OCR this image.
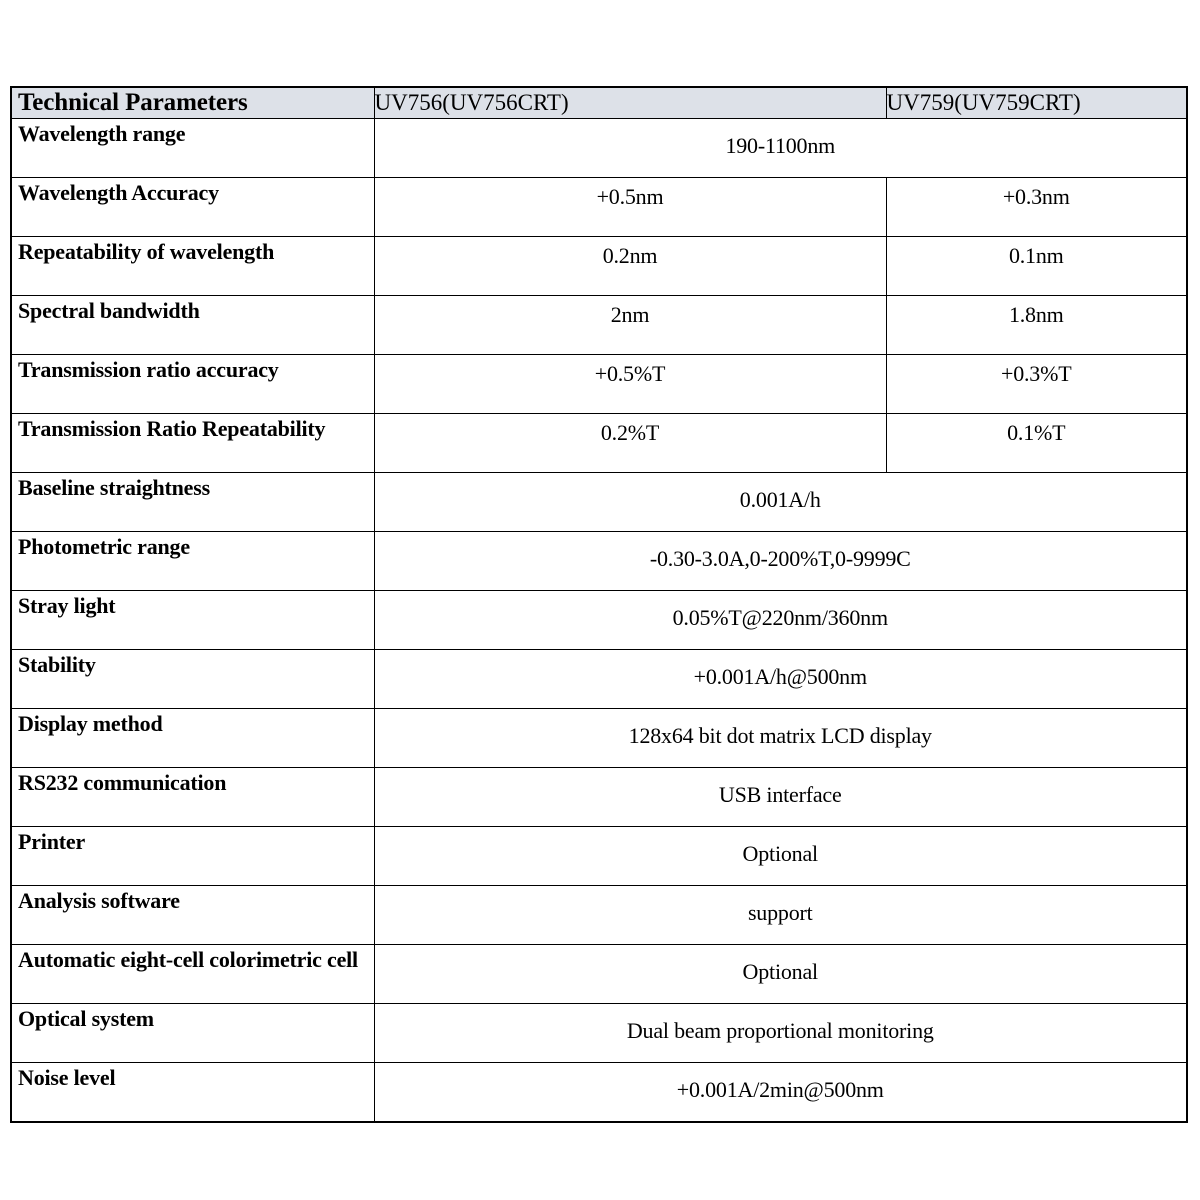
Technical Parameters	UV756(UV756CRT)	UV759(UV759CRT)

Wavelength range	190-1100nm	

Wavelength Accuracy	+0.5nm	+0.3nm

Repeatability of wavelength	0.2nm	0.1nm

Spectral bandwidth	2nm	1.8nm

Transmission ratio accuracy	+0.5%T	+0.3%T

Transmission Ratio Repeatability	0.2%T	0.1%T

Baseline straightness	0.001A/h	

Photometric range	-0.30-3.0A,0-200%T,0-9999C	

Stray light	0.05%T@220nm/360nm	

Stability	+0.001A/h@500nm	

Display method	128x64 bit dot matrix LCD display	

RS232 communication	USB interface	

Printer	Optional	

Analysis software	support	

Automatic eight-cell colorimetric cell	Optional	

Optical system	Dual beam proportional monitoring	

Noise level	+0.001A/2min@500nm	
